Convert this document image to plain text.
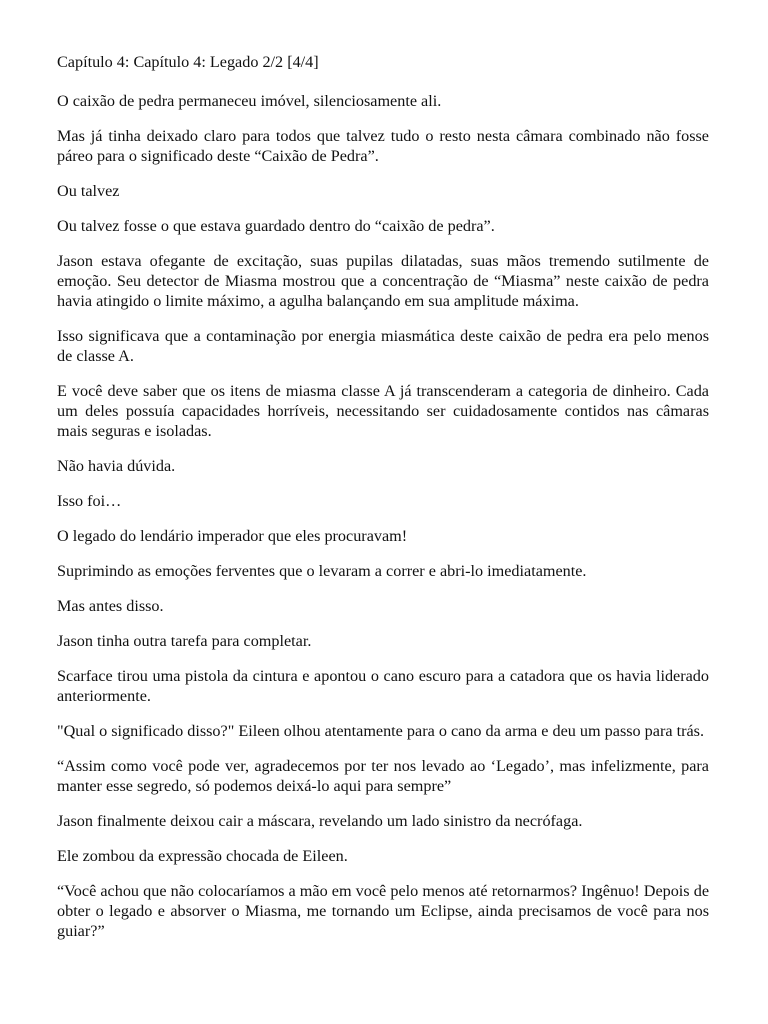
Capítulo 4: Capítulo 4: Legado 2/2 [4/4]

O caixão de pedra permaneceu imóvel, silenciosamente ali.

Mas já tinha deixado claro para todos que talvez tudo o resto nesta câmara combinado não fosse páreo para o significado deste “Caixão de Pedra”.

Ou talvez

Ou talvez fosse o que estava guardado dentro do “caixão de pedra”.

Jason estava ofegante de excitação, suas pupilas dilatadas, suas mãos tremendo sutilmente de emoção. Seu detector de Miasma mostrou que a concentração de “Miasma” neste caixão de pedra havia atingido o limite máximo, a agulha balançando em sua amplitude máxima.

Isso significava que a contaminação por energia miasmática deste caixão de pedra era pelo menos de classe A.

E você deve saber que os itens de miasma classe A já transcenderam a categoria de dinheiro. Cada um deles possuía capacidades horríveis, necessitando ser cuidadosamente contidos nas câmaras mais seguras e isoladas.

Não havia dúvida.

Isso foi…

O legado do lendário imperador que eles procuravam!

Suprimindo as emoções ferventes que o levaram a correr e abri-lo imediatamente.

Mas antes disso.

Jason tinha outra tarefa para completar.

Scarface tirou uma pistola da cintura e apontou o cano escuro para a catadora que os havia liderado anteriormente.

"Qual o significado disso?" Eileen olhou atentamente para o cano da arma e deu um passo para trás.

“Assim como você pode ver, agradecemos por ter nos levado ao ‘Legado’, mas infelizmente, para manter esse segredo, só podemos deixá-lo aqui para sempre”

Jason finalmente deixou cair a máscara, revelando um lado sinistro da necrófaga.

Ele zombou da expressão chocada de Eileen.

“Você achou que não colocaríamos a mão em você pelo menos até retornarmos? Ingênuo! Depois de obter o legado e absorver o Miasma, me tornando um Eclipse, ainda precisamos de você para nos guiar?”
